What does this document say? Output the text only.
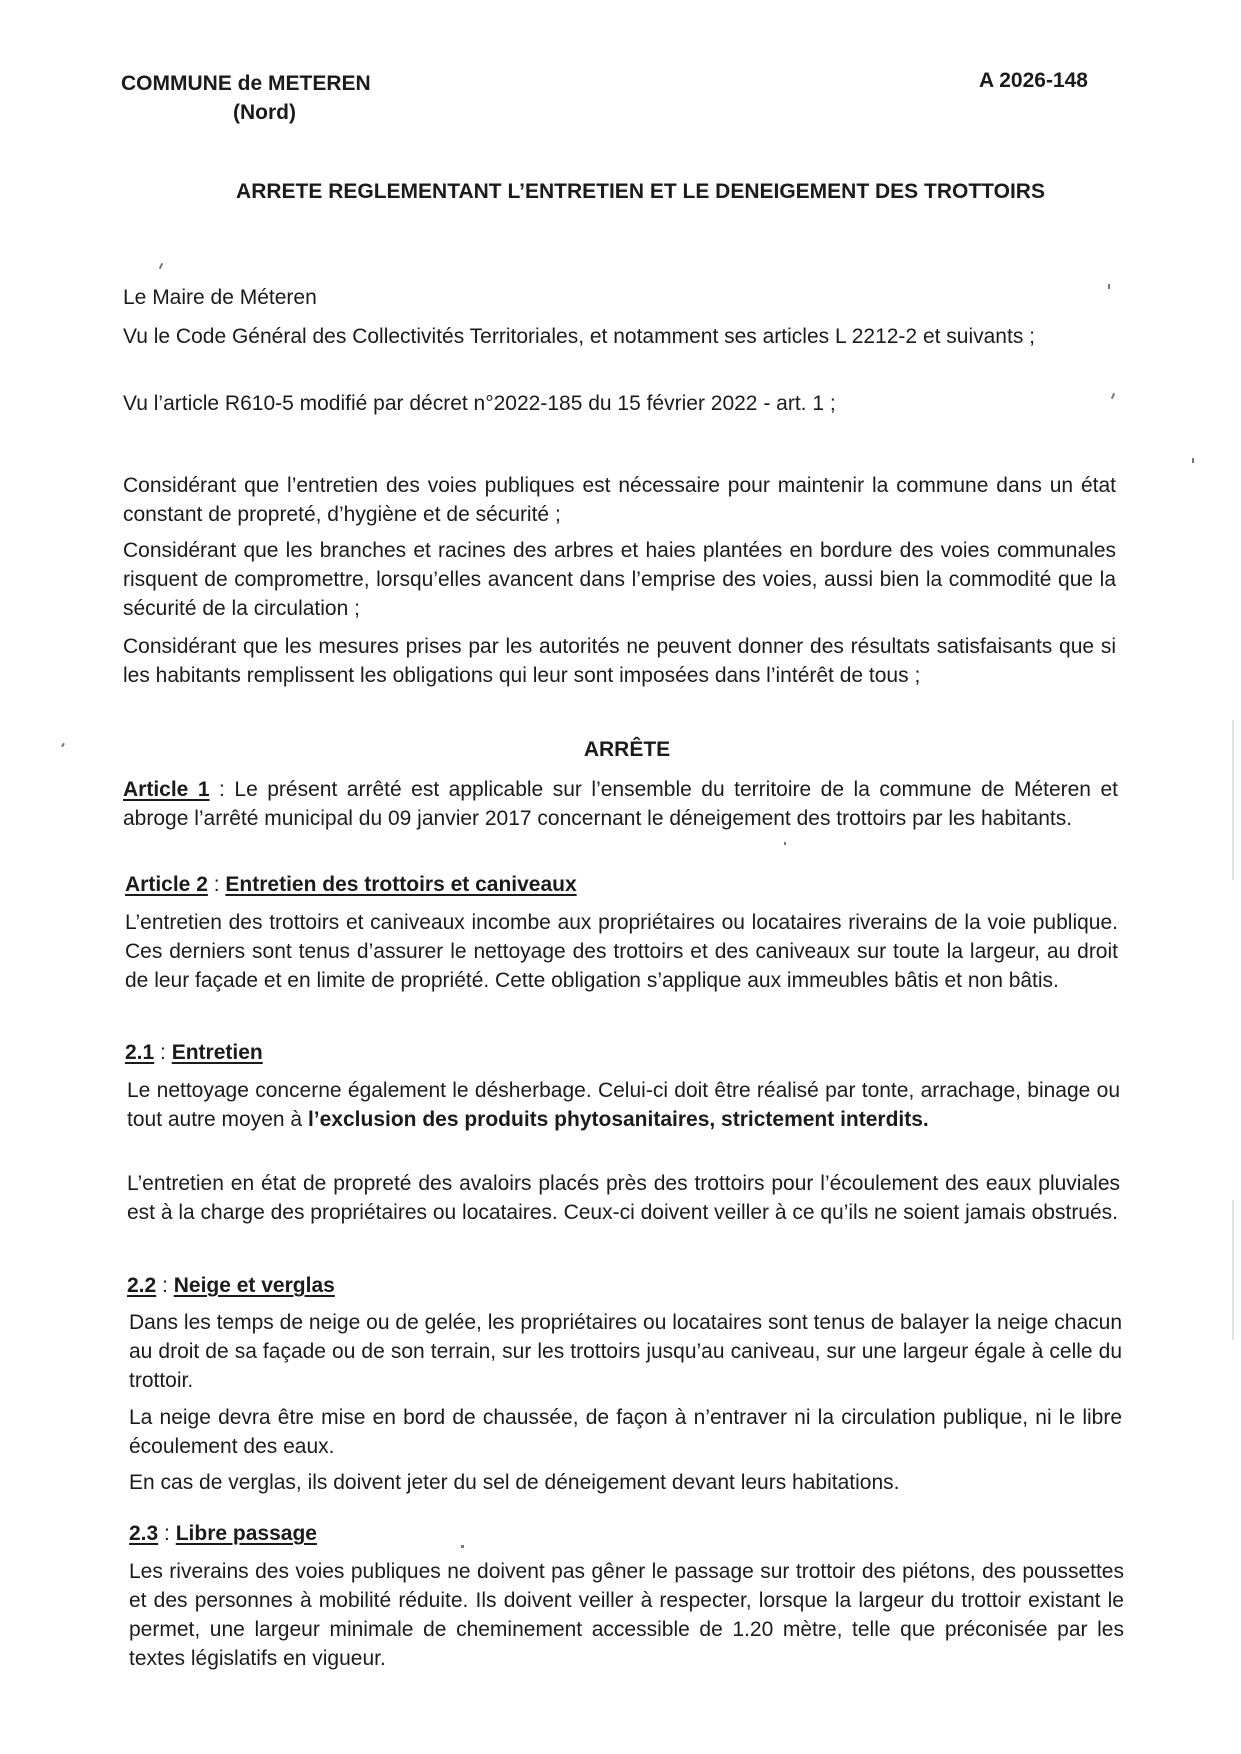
COMMUNE de METEREN
(Nord)
A 2026-148
ARRETE REGLEMENTANT L’ENTRETIEN ET LE DENEIGEMENT DES TROTTOIRS
Le Maire de Méteren
Vu le Code Général des Collectivités Territoriales, et notamment ses articles L 2212-2 et suivants ;
Vu l’article R610-5 modifié par décret n°2022-185 du 15 février 2022 - art. 1 ;
Considérant que l’entretien des voies publiques est nécessaire pour maintenir la commune dans un état constant de propreté, d’hygiène et de sécurité ;
Considérant que les branches et racines des arbres et haies plantées en bordure des voies communales risquent de compromettre, lorsqu’elles avancent dans l’emprise des voies, aussi bien la commodité que la sécurité de la circulation ;
Considérant que les mesures prises par les autorités ne peuvent donner des résultats satisfaisants que si les habitants remplissent les obligations qui leur sont imposées dans l’intérêt de tous ;
ARRÊTE
Article 1 : Le présent arrêté est applicable sur l’ensemble du territoire de la commune de Méteren et abroge l’arrêté municipal du 09 janvier 2017 concernant le déneigement des trottoirs par les habitants.
Article 2 : Entretien des trottoirs et caniveaux
L’entretien des trottoirs et caniveaux incombe aux propriétaires ou locataires riverains de la voie publique. Ces derniers sont tenus d’assurer le nettoyage des trottoirs et des caniveaux sur toute la largeur, au droit de leur façade et en limite de propriété. Cette obligation s’applique aux immeubles bâtis et non bâtis.
2.1 : Entretien
Le nettoyage concerne également le désherbage. Celui-ci doit être réalisé par tonte, arrachage, binage ou tout autre moyen à l’exclusion des produits phytosanitaires, strictement interdits.
L’entretien en état de propreté des avaloirs placés près des trottoirs pour l’écoulement des eaux pluviales est à la charge des propriétaires ou locataires. Ceux-ci doivent veiller à ce qu’ils ne soient jamais obstrués.
2.2 : Neige et verglas
Dans les temps de neige ou de gelée, les propriétaires ou locataires sont tenus de balayer la neige chacun au droit de sa façade ou de son terrain, sur les trottoirs jusqu’au caniveau, sur une largeur égale à celle du trottoir.
La neige devra être mise en bord de chaussée, de façon à n’entraver ni la circulation publique, ni le libre écoulement des eaux.
En cas de verglas, ils doivent jeter du sel de déneigement devant leurs habitations.
2.3 : Libre passage
Les riverains des voies publiques ne doivent pas gêner le passage sur trottoir des piétons, des poussettes et des personnes à mobilité réduite. Ils doivent veiller à respecter, lorsque la largeur du trottoir existant le permet, une largeur minimale de cheminement accessible de 1.20 mètre, telle que préconisée par les textes législatifs en vigueur.
